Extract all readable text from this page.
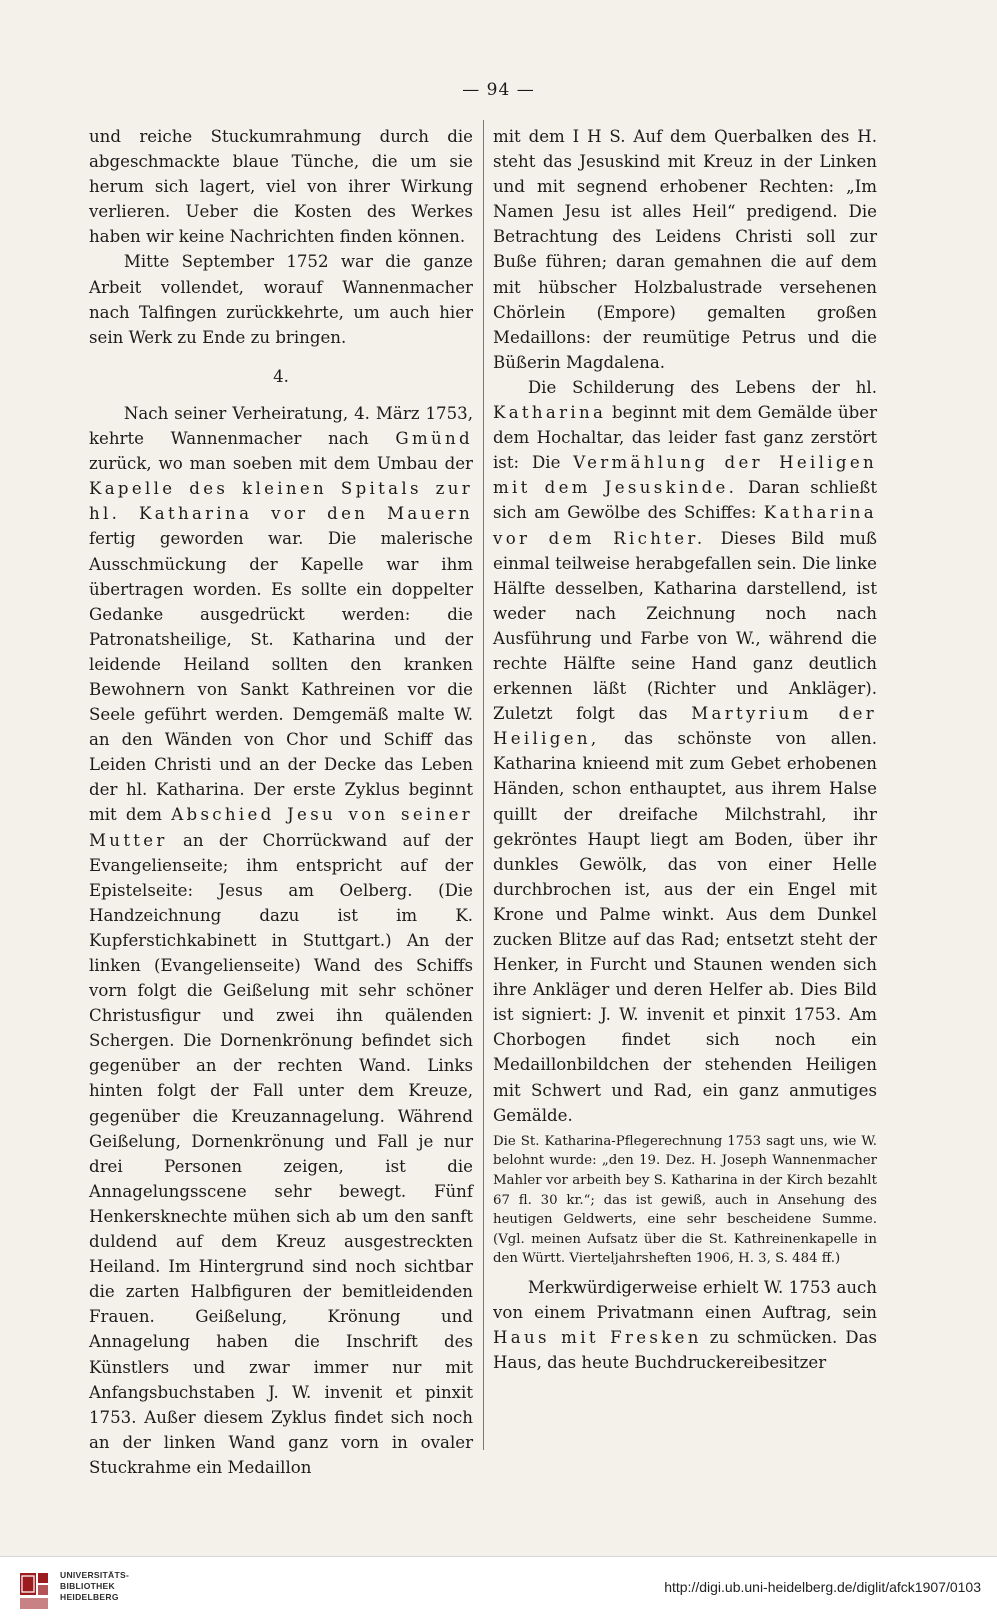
— 94 —

und reiche Stuckumrahmung durch die abgeschmackte blaue Tünche, die um sie herum sich lagert, viel von ihrer Wirkung verlieren. Ueber die Kosten des Werkes haben wir keine Nachrichten finden können.

Mitte September 1752 war die ganze Arbeit vollendet, worauf Wannenmacher nach Talfingen zurückkehrte, um auch hier sein Werk zu Ende zu bringen.

4.

Nach seiner Verheiratung, 4. März 1753, kehrte Wannenmacher nach Gmünd zurück, wo man soeben mit dem Umbau der Kapelle des kleinen Spitals zur hl. Katharina vor den Mauern fertig geworden war. Die malerische Ausschmückung der Kapelle war ihm übertragen worden. Es sollte ein doppelter Gedanke ausgedrückt werden: die Patronatsheilige, St. Katharina und der leidende Heiland sollten den kranken Bewohnern von Sankt Kathreinen vor die Seele geführt werden. Demgemäß malte W. an den Wänden von Chor und Schiff das Leiden Christi und an der Decke das Leben der hl. Katharina. Der erste Zyklus beginnt mit dem Abschied Jesu von seiner Mutter an der Chorrückwand auf der Evangelienseite; ihm entspricht auf der Epistelseite: Jesus am Oelberg. (Die Handzeichnung dazu ist im K. Kupferstichkabinett in Stuttgart.) An der linken (Evangelienseite) Wand des Schiffs vorn folgt die Geißelung mit sehr schöner Christusfigur und zwei ihn quälenden Schergen. Die Dornenkrönung befindet sich gegenüber an der rechten Wand. Links hinten folgt der Fall unter dem Kreuze, gegenüber die Kreuzannagelung. Während Geißelung, Dornenkrönung und Fall je nur drei Personen zeigen, ist die Annagelungsscene sehr bewegt. Fünf Henkersknechte mühen sich ab um den sanft duldend auf dem Kreuz ausgestreckten Heiland. Im Hintergrund sind noch sichtbar die zarten Halbfiguren der bemitleidenden Frauen. Geißelung, Krönung und Annagelung haben die Inschrift des Künstlers und zwar immer nur mit Anfangsbuchstaben J. W. invenit et pinxit 1753. Außer diesem Zyklus findet sich noch an der linken Wand ganz vorn in ovaler Stuckrahme ein Medaillon

mit dem I H S. Auf dem Querbalken des H. steht das Jesuskind mit Kreuz in der Linken und mit segnend erhobener Rechten: „Im Namen Jesu ist alles Heil“ predigend. Die Betrachtung des Leidens Christi soll zur Buße führen; daran gemahnen die auf dem mit hübscher Holzbalustrade versehenen Chörlein (Empore) gemalten großen Medaillons: der reumütige Petrus und die Büßerin Magdalena.

Die Schilderung des Lebens der hl. Katharina beginnt mit dem Gemälde über dem Hochaltar, das leider fast ganz zerstört ist: Die Vermählung der Heiligen mit dem Jesuskinde. Daran schließt sich am Gewölbe des Schiffes: Katharina vor dem Richter. Dieses Bild muß einmal teilweise herabgefallen sein. Die linke Hälfte desselben, Katharina darstellend, ist weder nach Zeichnung noch nach Ausführung und Farbe von W., während die rechte Hälfte seine Hand ganz deutlich erkennen läßt (Richter und Ankläger). Zuletzt folgt das Martyrium der Heiligen, das schönste von allen. Katharina knieend mit zum Gebet erhobenen Händen, schon enthauptet, aus ihrem Halse quillt der dreifache Milchstrahl, ihr gekröntes Haupt liegt am Boden, über ihr dunkles Gewölk, das von einer Helle durchbrochen ist, aus der ein Engel mit Krone und Palme winkt. Aus dem Dunkel zucken Blitze auf das Rad; entsetzt steht der Henker, in Furcht und Staunen wenden sich ihre Ankläger und deren Helfer ab. Dies Bild ist signiert: J. W. invenit et pinxit 1753. Am Chorbogen findet sich noch ein Medaillonbildchen der stehenden Heiligen mit Schwert und Rad, ein ganz anmutiges Gemälde.

Die St. Katharina-Pflegerechnung 1753 sagt uns, wie W. belohnt wurde: „den 19. Dez. H. Joseph Wannenmacher Mahler vor arbeith bey S. Katharina in der Kirch bezahlt 67 fl. 30 kr.“; das ist gewiß, auch in Ansehung des heutigen Geldwerts, eine sehr bescheidene Summe. (Vgl. meinen Aufsatz über die St. Kathreinenkapelle in den Württ. Vierteljahrsheften 1906, H. 3, S. 484 ff.)

Merkwürdigerweise erhielt W. 1753 auch von einem Privatmann einen Auftrag, sein Haus mit Fresken zu schmücken. Das Haus, das heute Buchdruckereibesitzer

UNIVERSITÄTS-
BIBLIOTHEK
HEIDELBERG
http://digi.ub.uni-heidelberg.de/diglit/afck1907/0103
